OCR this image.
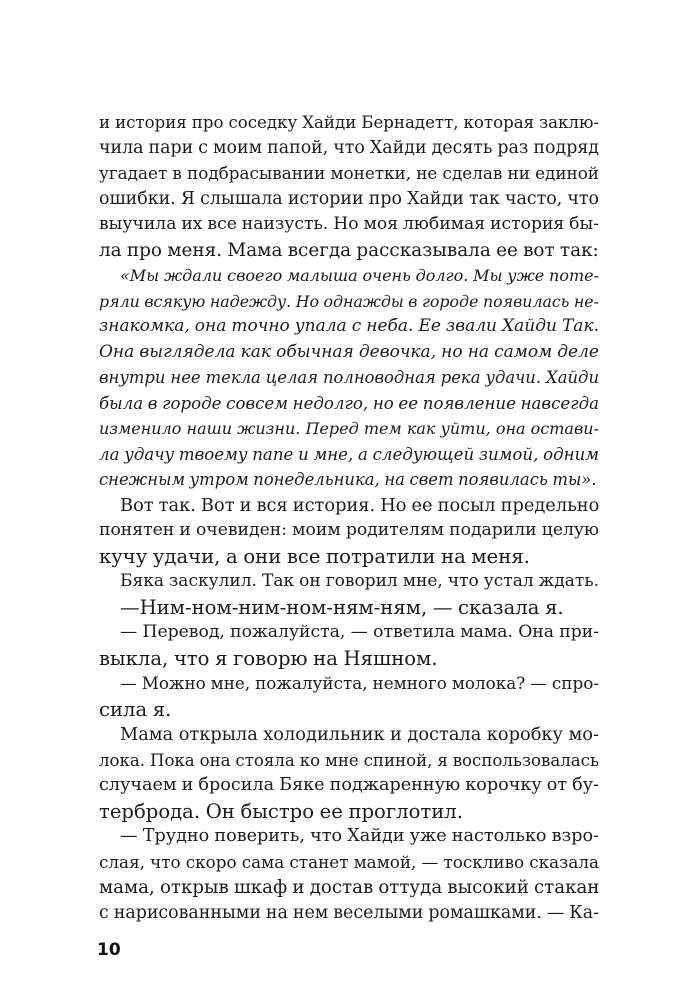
и история про соседку Хайди Бернадетт, которая заклю-
чила пари с моим папой, что Хайди десять раз подряд
угадает в подбрасывании монетки, не сделав ни единой
ошибки. Я слышала истории про Хайди так часто, что
выучила их все наизусть. Но моя любимая история бы-
ла про меня. Мама всегда рассказывала ее вот так:
«Мы ждали своего малыша очень долго. Мы уже поте-
ряли всякую надежду. Но однажды в городе появилась не-
знакомка, она точно упала с неба. Ее звали Хайди Так.
Она выглядела как обычная девочка, но на самом деле
внутри нее текла целая полноводная река удачи. Хайди
была в городе совсем недолго, но ее появление навсегда
изменило наши жизни. Перед тем как уйти, она остави-
ла удачу твоему папе и мне, а следующей зимой, одним
снежным утром понедельника, на свет появилась ты».
Вот так. Вот и вся история. Но ее посыл предельно
понятен и очевиден: моим родителям подарили целую
кучу удачи, а они все потратили на меня.
Бяка заскулил. Так он говорил мне, что устал ждать.
—Ним-ном-ним-ном-ням-ням, — сказала я.
— Перевод, пожалуйста, — ответила мама. Она при-
выкла, что я говорю на Няшном.
— Можно мне, пожалуйста, немного молока? — спро-
сила я.
Мама открыла холодильник и достала коробку мо-
лока. Пока она стояла ко мне спиной, я воспользовалась
случаем и бросила Бяке поджаренную корочку от бу-
терброда. Он быстро ее проглотил.
— Трудно поверить, что Хайди уже настолько взро-
слая, что скоро сама станет мамой, — тоскливо сказала
мама, открыв шкаф и достав оттуда высокий стакан
с нарисованными на нем веселыми ромашками. — Ка-
10
